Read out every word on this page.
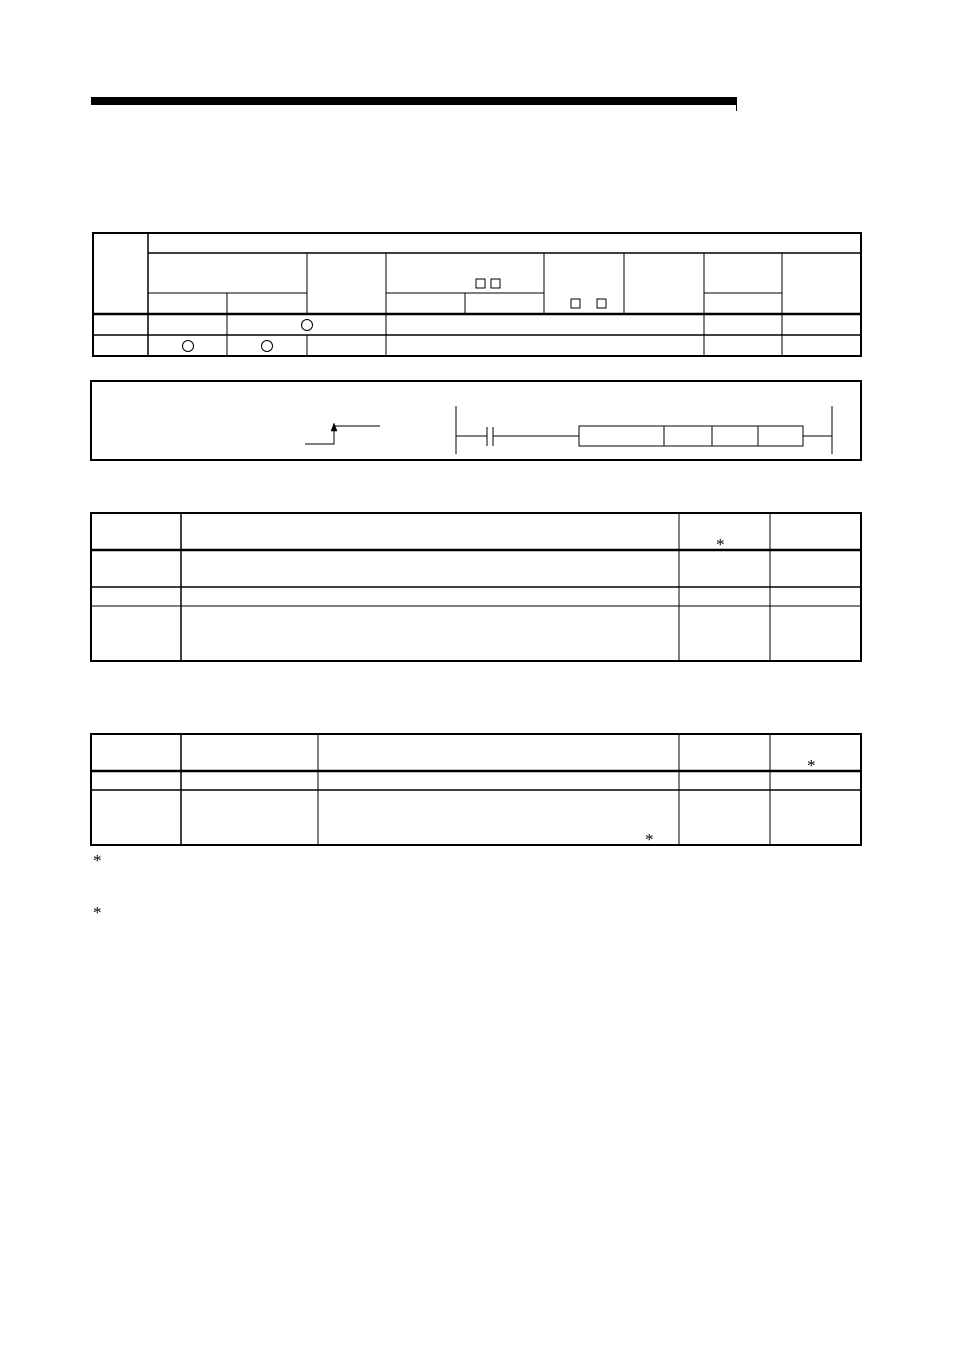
*
*
*
*
*
